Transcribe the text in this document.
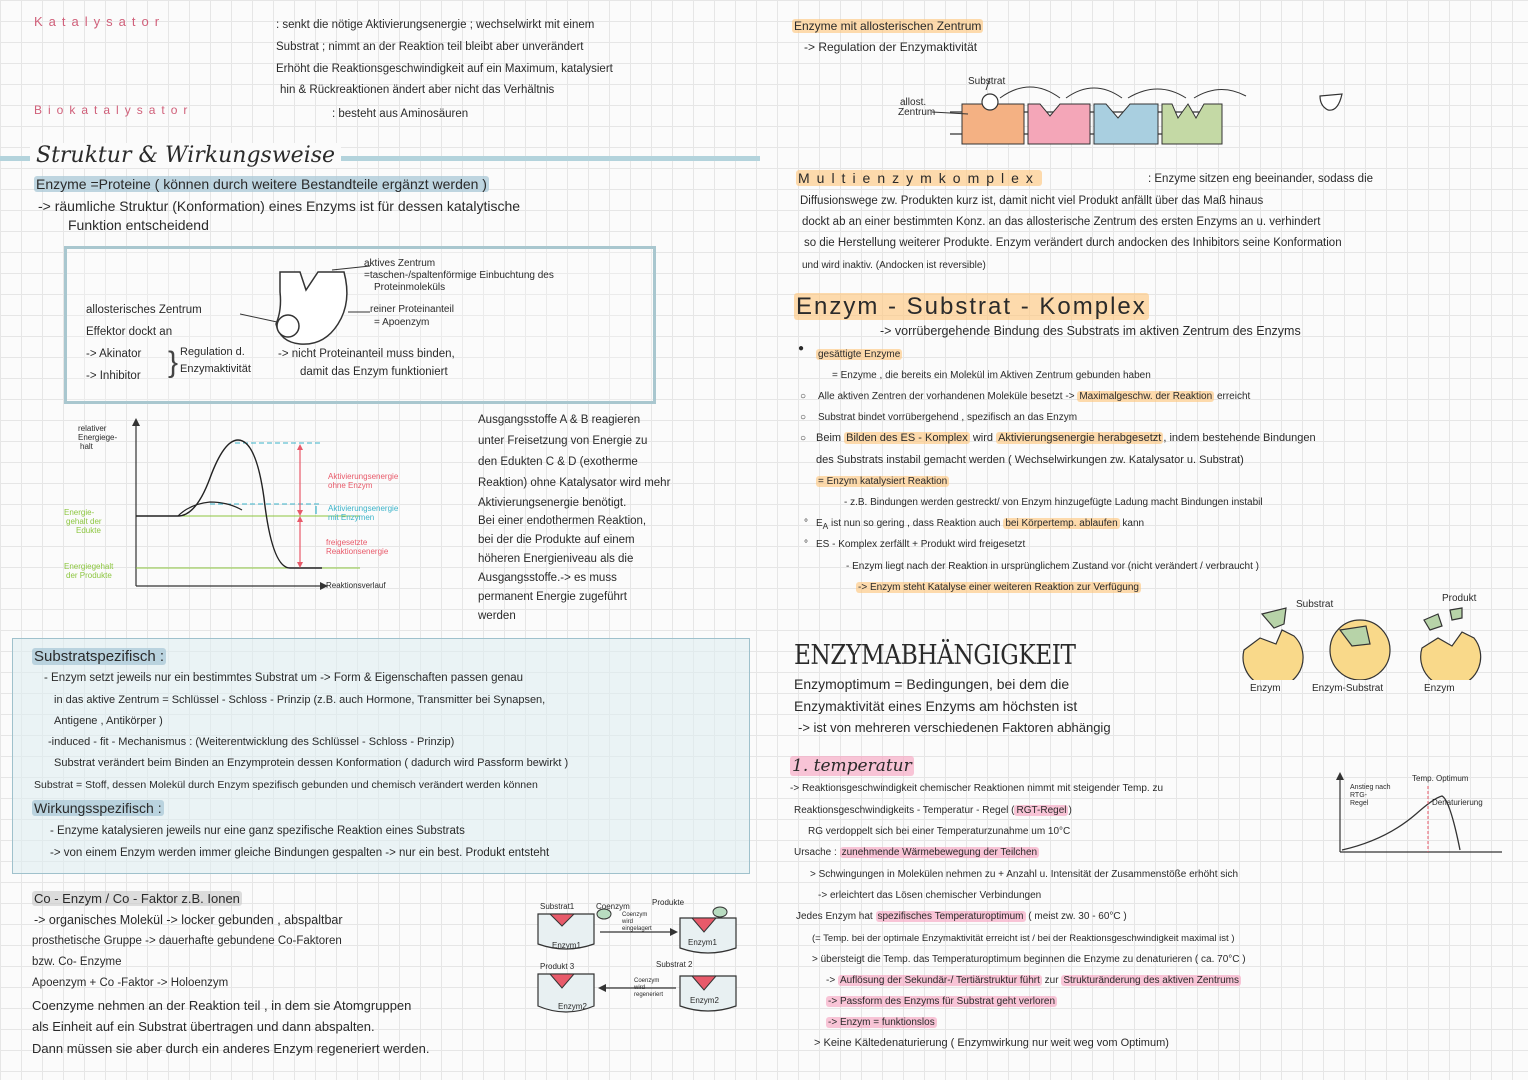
Katalysator	: senkt die nötige Aktivierungsenergie ; wechselwirkt mit einem
Substrat ; nimmt an der Reaktion teil bleibt aber unverändert
Erhöht die Reaktionsgeschwindigkeit auf ein Maximum, katalysiert
hin & Rückreaktionen ändert aber nicht das Verhältnis
Biokatalysator	: besteht aus Aminosäuren
Struktur & Wirkungsweise
Enzyme =Proteine ( können durch weitere Bestandteile ergänzt werden )
-> räumliche Struktur (Konformation) eines Enzyms ist für dessen katalytische
Funktion entscheidend
aktives Zentrum
=taschen-/spaltenförmige Einbuchtung des
Proteinmoleküls
reiner Proteinanteil
= Apoenzym
allosterisches Zentrum
Effektor dockt an
-> Akinator
-> Inhibitor } Regulation d.
Enzymaktivität
-> nicht Proteinanteil muss binden,
damit das Enzym funktioniert
relativer
Energiege-
halt
Energie-
gehalt der
Edukte
Energiegehalt
der Produkte
Aktivierungsenergie
ohne Enzym
Aktivierungsenergie
mit Enzymen
freigesetzte
Reaktionsenergie
Reaktionsverlauf
Ausgangsstoffe A & B reagieren
unter Freisetzung von Energie zu
den Edukten C & D (exotherme
Reaktion) ohne Katalysator wird mehr
Aktivierungsenergie benötigt.
Bei einer endothermen Reaktion,
bei der die Produkte auf einem
höheren Energieniveau als die
Ausgangsstoffe.-> es muss
permanent Energie zugeführt
werden
Substratspezifisch :
- Enzym setzt jeweils nur ein bestimmtes Substrat um -> Form & Eigenschaften passen genau
in das aktive Zentrum = Schlüssel - Schloss - Prinzip (z.B. auch Hormone, Transmitter bei Synapsen,
Antigene , Antikörper )
-induced - fit - Mechanismus : (Weiterentwicklung des Schlüssel - Schloss - Prinzip)
Substrat verändert beim Binden an Enzymprotein dessen Konformation ( dadurch wird Passform bewirkt )
Substrat = Stoff, dessen Molekül durch Enzym spezifisch gebunden und chemisch verändert werden können
Wirkungsspezifisch :
- Enzyme katalysieren jeweils nur eine ganz spezifische Reaktion eines Substrats
-> von einem Enzym werden immer gleiche Bindungen gespalten -> nur ein best. Produkt entsteht
Co - Enzym / Co - Faktor z.B. Ionen
-> organisches Molekül -> locker gebunden , abspaltbar
prosthetische Gruppe -> dauerhafte gebundene Co-Faktoren
bzw. Co- Enzyme
Apoenzym + Co -Faktor -> Holoenzym
Coenzyme nehmen an der Reaktion teil , in dem sie Atomgruppen
als Einheit auf ein Substrat übertragen und dann abspalten.
Dann müssen sie aber durch ein anderes Enzym regeneriert werden.
Substrat1	Coenzym	Produkte
Enzym1	Enzym1
Produkt 3	Substrat 2
Enzym2
Enzym2
Coenzym
wird
eingelagert
Coenzym
wird
regeneriert
Enzyme mit allosterischen Zentrum
-> Regulation der Enzymaktivität
Substrat
allost.
Zentrum
Multienzymkomplex	: Enzyme sitzen eng beeinander, sodass die
Diffusionswege zw. Produkten kurz ist, damit nicht viel Produkt anfällt über das Maß hinaus
dockt ab an einer bestimmten Konz. an das allosterische Zentrum des ersten Enzyms an u. verhindert
so die Herstellung weiterer Produkte. Enzym verändert durch andocken des Inhibitors seine Konformation
und wird inaktiv. (Andocken ist reversible)
Enzym - Substrat - Komplex
-> vorrübergehende Bindung des Substrats im aktiven Zentrum des Enzyms
●
gesättigte Enzyme
= Enzyme , die bereits ein Molekül im Aktiven Zentrum gebunden haben
○ Alle aktiven Zentren der vorhandenen Moleküle besetzt -> Maximalgeschw. der Reaktion erreicht
○ Substrat bindet vorrübergehend , spezifisch an das Enzym
○ Beim Bilden des ES - Komplex wird Aktivierungsenergie herabgesetzt , indem bestehende Bindungen
des Substrats instabil gemacht werden ( Wechselwirkungen zw. Katalysator u. Substrat)
= Enzym katalysiert Reaktion
- z.B. Bindungen werden gestreckt/ von Enzym hinzugefügte Ladung macht Bindungen instabil
° $E_A$ ist nun so gering , dass Reaktion auch bei Körpertemp. ablaufen kann
° ES - Komplex zerfällt + Produkt wird freigesetzt
- Enzym liegt nach der Reaktion in ursprünglichem Zustand vor (nicht verändert / verbraucht )
-> Enzym steht Katalyse einer weiteren Reaktion zur Verfügung
Substrat
Produkt
Enzym	Enzym-Substrat	Enzym
ENZYMABHÄNGIGKEIT
Enzymoptimum = Bedingungen, bei dem die
Enzymaktivität eines Enzyms am höchsten ist
-> ist von mehreren verschiedenen Faktoren abhängig
1. temperatur
-> Reaktionsgeschwindigkeit chemischer Reaktionen nimmt mit steigender Temp. zu
Reaktionsgeschwindigkeits - Temperatur - Regel ( RGT-Regel )
RG verdoppelt sich bei einer Temperaturzunahme um 10°C
Ursache : zunehmende Wärmebewegung der Teilchen
> Schwingungen in Molekülen nehmen zu + Anzahl u. Intensität der Zusammenstöße erhöht sich
-> erleichtert das Lösen chemischer Verbindungen
Jedes Enzym hat spezifisches Temperaturoptimum ( meist zw. 30 - 60°C )
(= Temp. bei der optimale Enzymaktivität erreicht ist / bei der Reaktionsgeschwindigkeit maximal ist )
> übersteigt die Temp. das Temperaturoptimum beginnen die Enzyme zu denaturieren ( ca. 70°C )
-> Auflösung der Sekundär-/ Tertiärstruktur führt zur Strukturänderung des aktiven Zentrums
-> Passform des Enzyms für Substrat geht verloren
-> Enzym = funktionslos
> Keine Kältedenaturierung ( Enzymwirkung nur weit weg vom Optimum)
Anstieg nach
RTG-
Regel
Temp. Optimum
Denaturierung
